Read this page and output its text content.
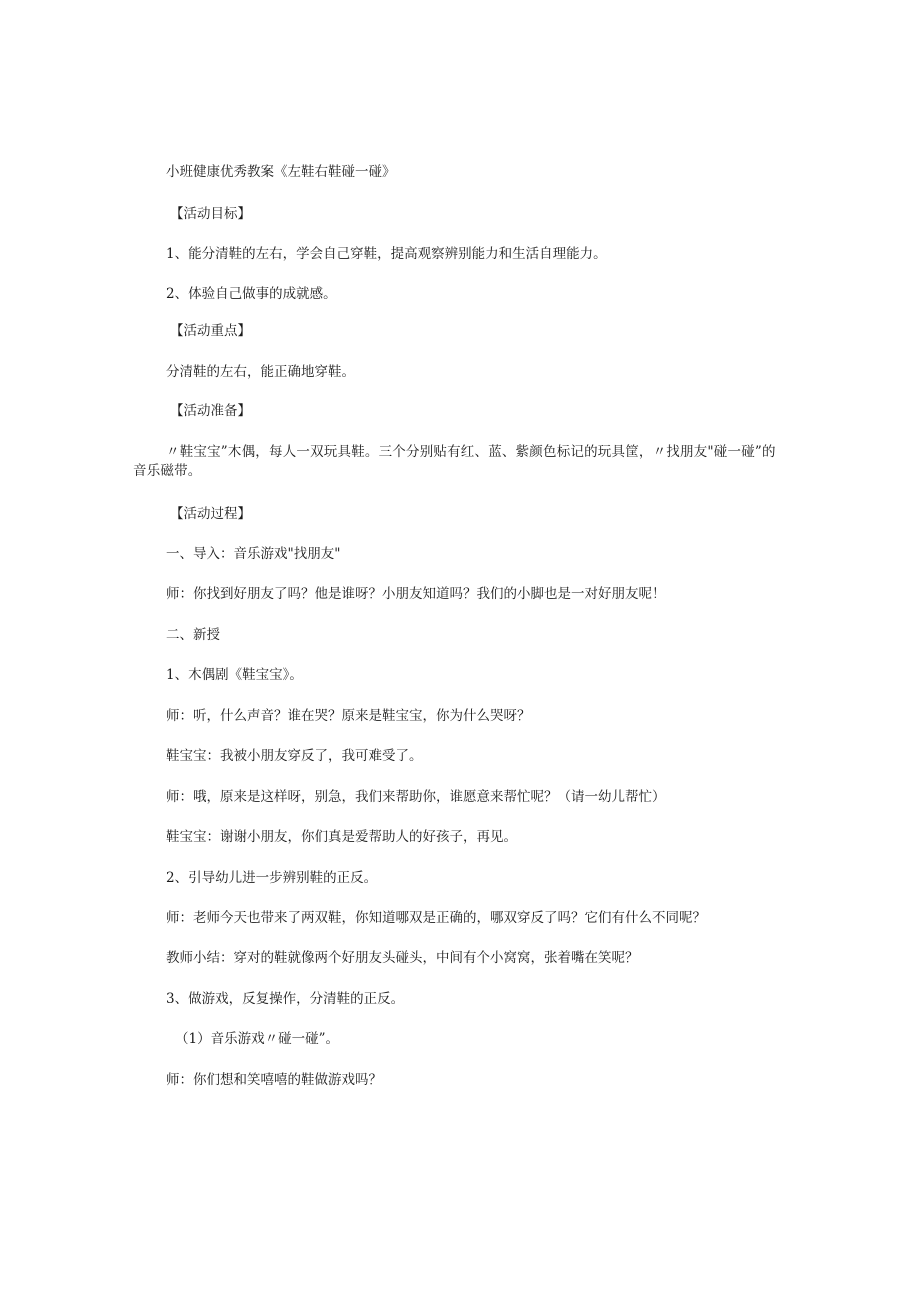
小班健康优秀教案《左鞋右鞋碰一碰》
【活动目标】
1、能分清鞋的左右，学会自己穿鞋，提高观察辨别能力和生活自理能力。
2、体验自己做事的成就感。
【活动重点】
分清鞋的左右，能正确地穿鞋。
【活动准备】
〃鞋宝宝”木偶，每人一双玩具鞋。三个分别贴有红、蓝、紫颜色标记的玩具筐，〃找朋友"碰一碰”的音乐磁带。
【活动过程】
一、导入：音乐游戏"找朋友"
师：你找到好朋友了吗？他是谁呀？小朋友知道吗？我们的小脚也是一对好朋友呢！
二、新授
1、木偶剧《鞋宝宝》。
师：听，什么声音？谁在哭？原来是鞋宝宝，你为什么哭呀？
鞋宝宝：我被小朋友穿反了，我可难受了。
师：哦，原来是这样呀，别急，我们来帮助你，谁愿意来帮忙呢？（请一幼儿帮忙）
鞋宝宝：谢谢小朋友，你们真是爱帮助人的好孩子，再见。
2、引导幼儿进一步辨别鞋的正反。
师：老师今天也带来了两双鞋，你知道哪双是正确的，哪双穿反了吗？它们有什么不同呢？
教师小结：穿对的鞋就像两个好朋友头碰头，中间有个小窝窝，张着嘴在笑呢？
3、做游戏，反复操作，分清鞋的正反。
（1）音乐游戏〃碰一碰”。
师：你们想和笑嘻嘻的鞋做游戏吗？
